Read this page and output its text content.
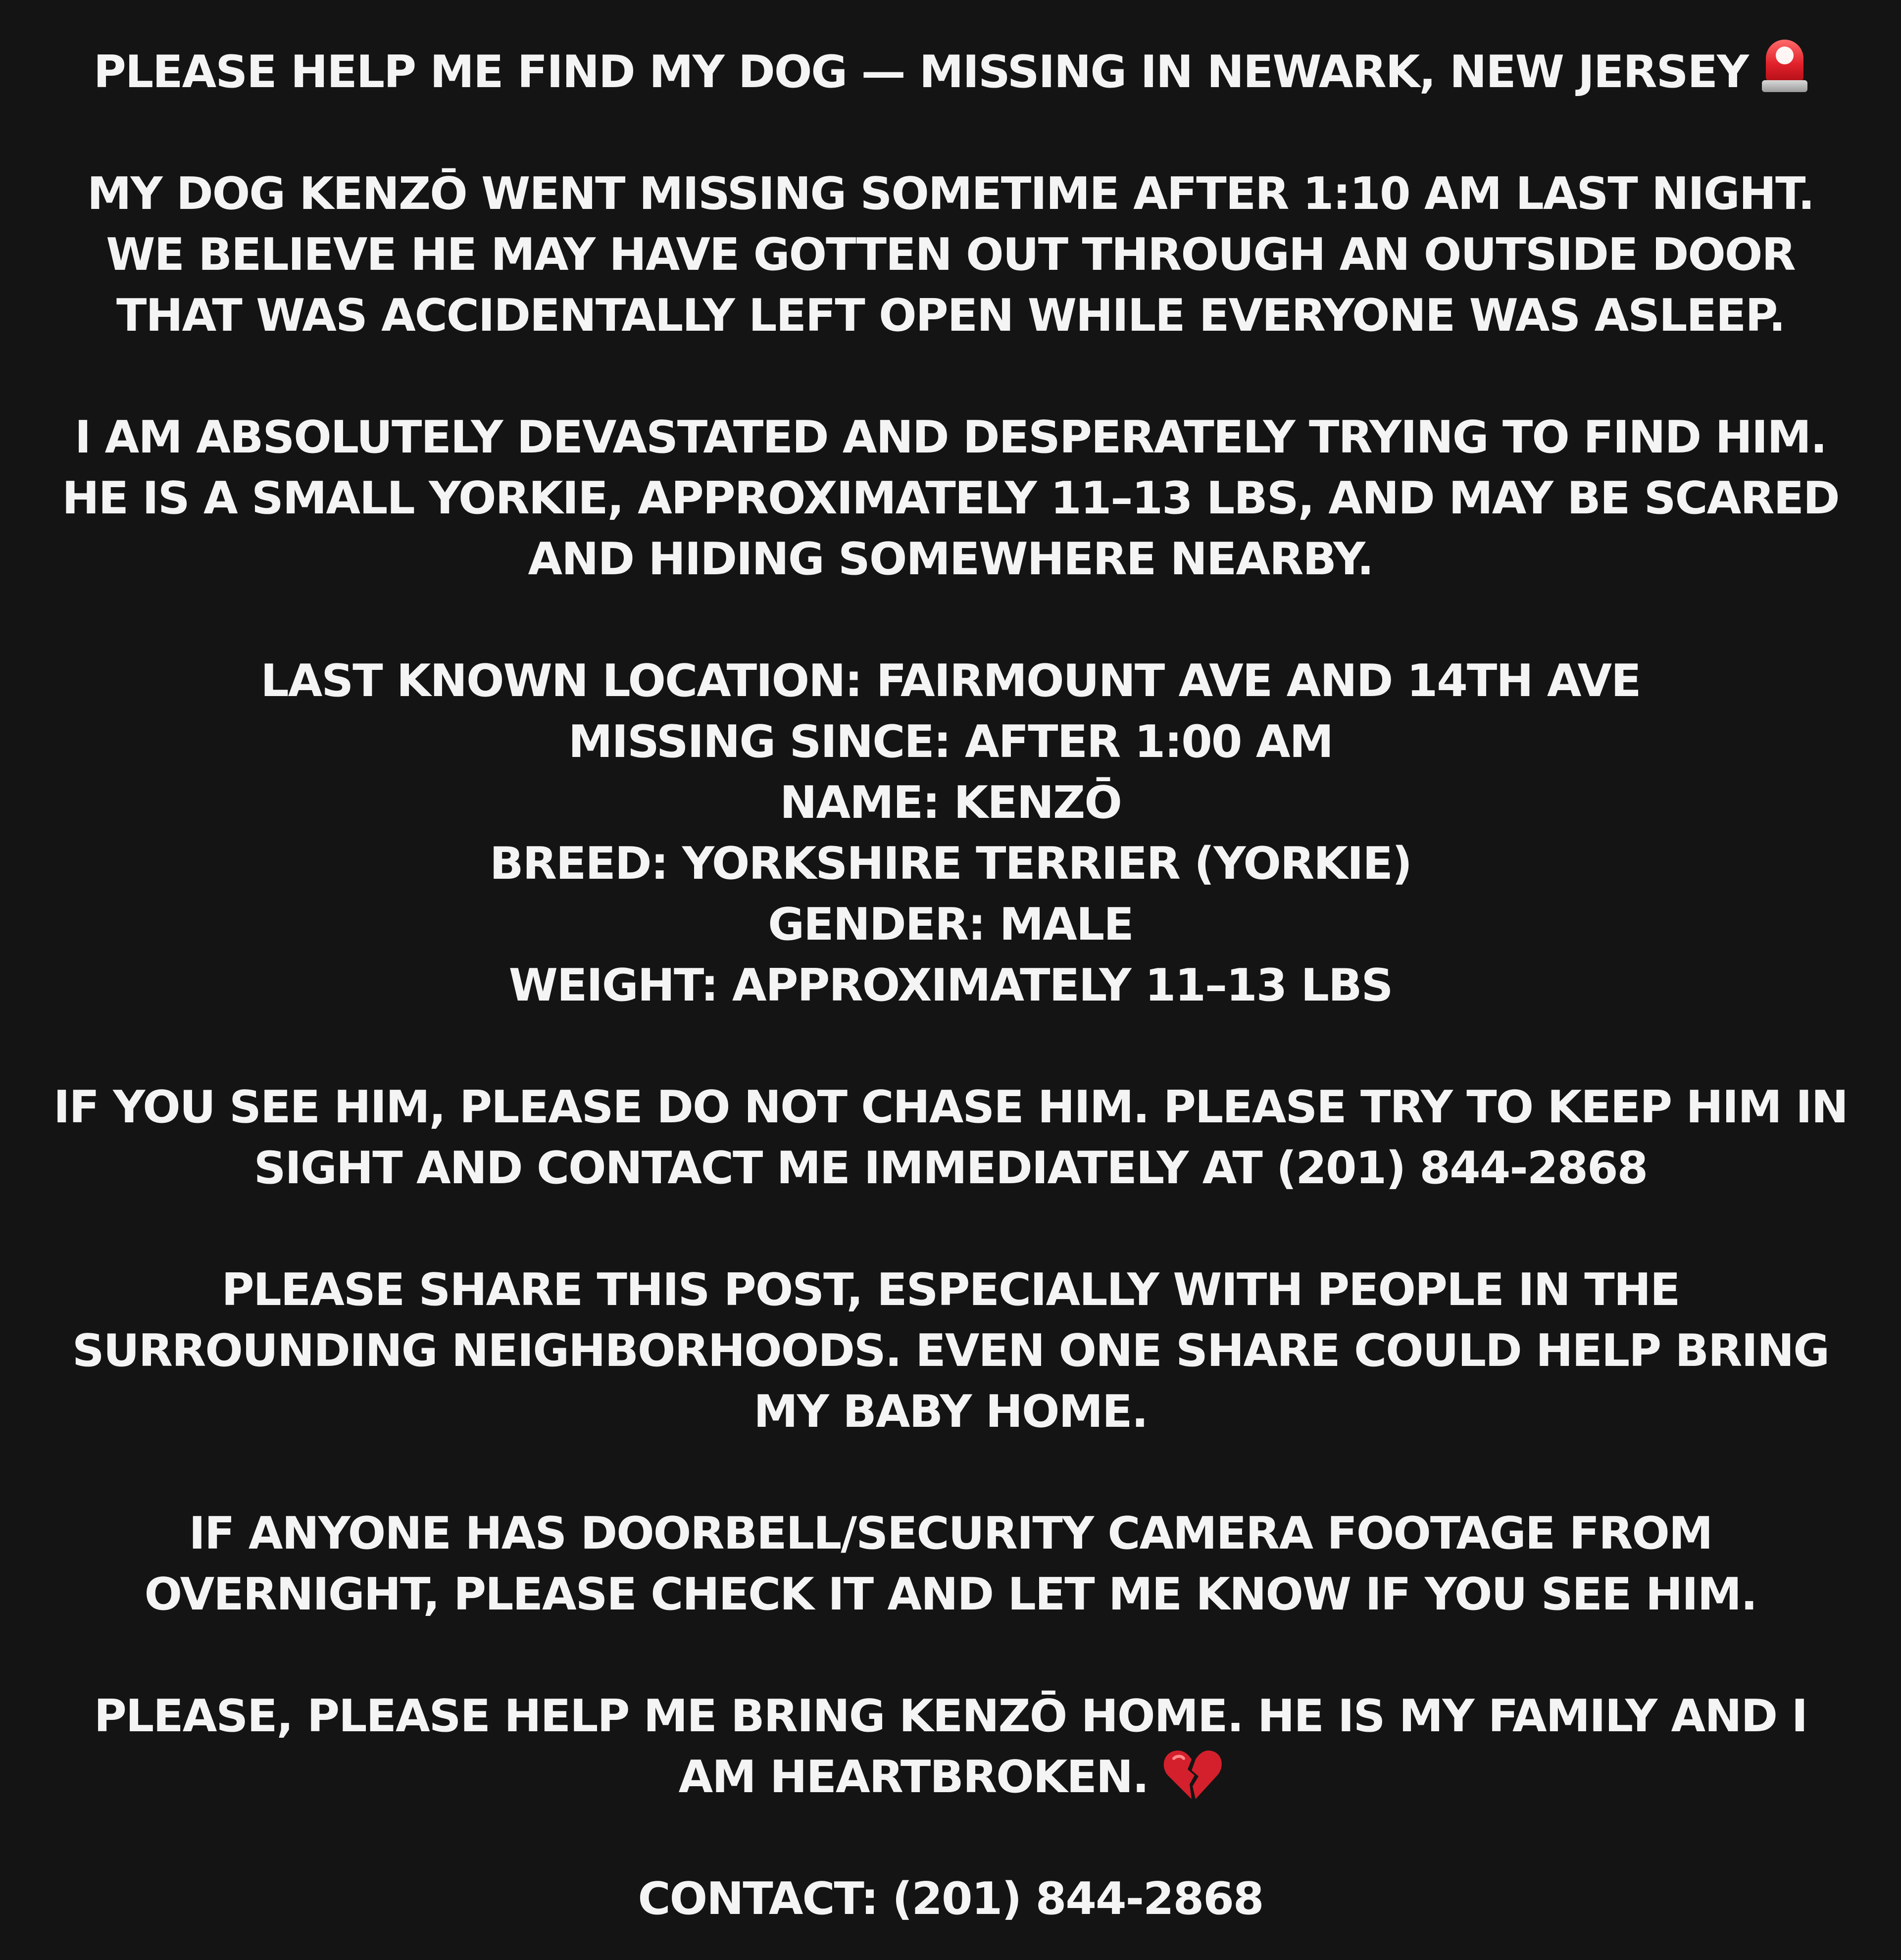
PLEASE HELP ME FIND MY DOG — MISSING IN NEWARK, NEW JERSEY

MY DOG KENZŌ WENT MISSING SOMETIME AFTER 1:10 AM LAST NIGHT.
WE BELIEVE HE MAY HAVE GOTTEN OUT THROUGH AN OUTSIDE DOOR
THAT WAS ACCIDENTALLY LEFT OPEN WHILE EVERYONE WAS ASLEEP.

I AM ABSOLUTELY DEVASTATED AND DESPERATELY TRYING TO FIND HIM.
HE IS A SMALL YORKIE, APPROXIMATELY 11–13 LBS, AND MAY BE SCARED
AND HIDING SOMEWHERE NEARBY.

LAST KNOWN LOCATION: FAIRMOUNT AVE AND 14TH AVE
MISSING SINCE: AFTER 1:00 AM
NAME: KENZŌ
BREED: YORKSHIRE TERRIER (YORKIE)
GENDER: MALE
WEIGHT: APPROXIMATELY 11–13 LBS

IF YOU SEE HIM, PLEASE DO NOT CHASE HIM. PLEASE TRY TO KEEP HIM IN
SIGHT AND CONTACT ME IMMEDIATELY AT (201) 844-2868

PLEASE SHARE THIS POST, ESPECIALLY WITH PEOPLE IN THE
SURROUNDING NEIGHBORHOODS. EVEN ONE SHARE COULD HELP BRING
MY BABY HOME.

IF ANYONE HAS DOORBELL/SECURITY CAMERA FOOTAGE FROM
OVERNIGHT, PLEASE CHECK IT AND LET ME KNOW IF YOU SEE HIM.

PLEASE, PLEASE HELP ME BRING KENZŌ HOME. HE IS MY FAMILY AND I
AM HEARTBROKEN.

CONTACT: (201) 844-2868
